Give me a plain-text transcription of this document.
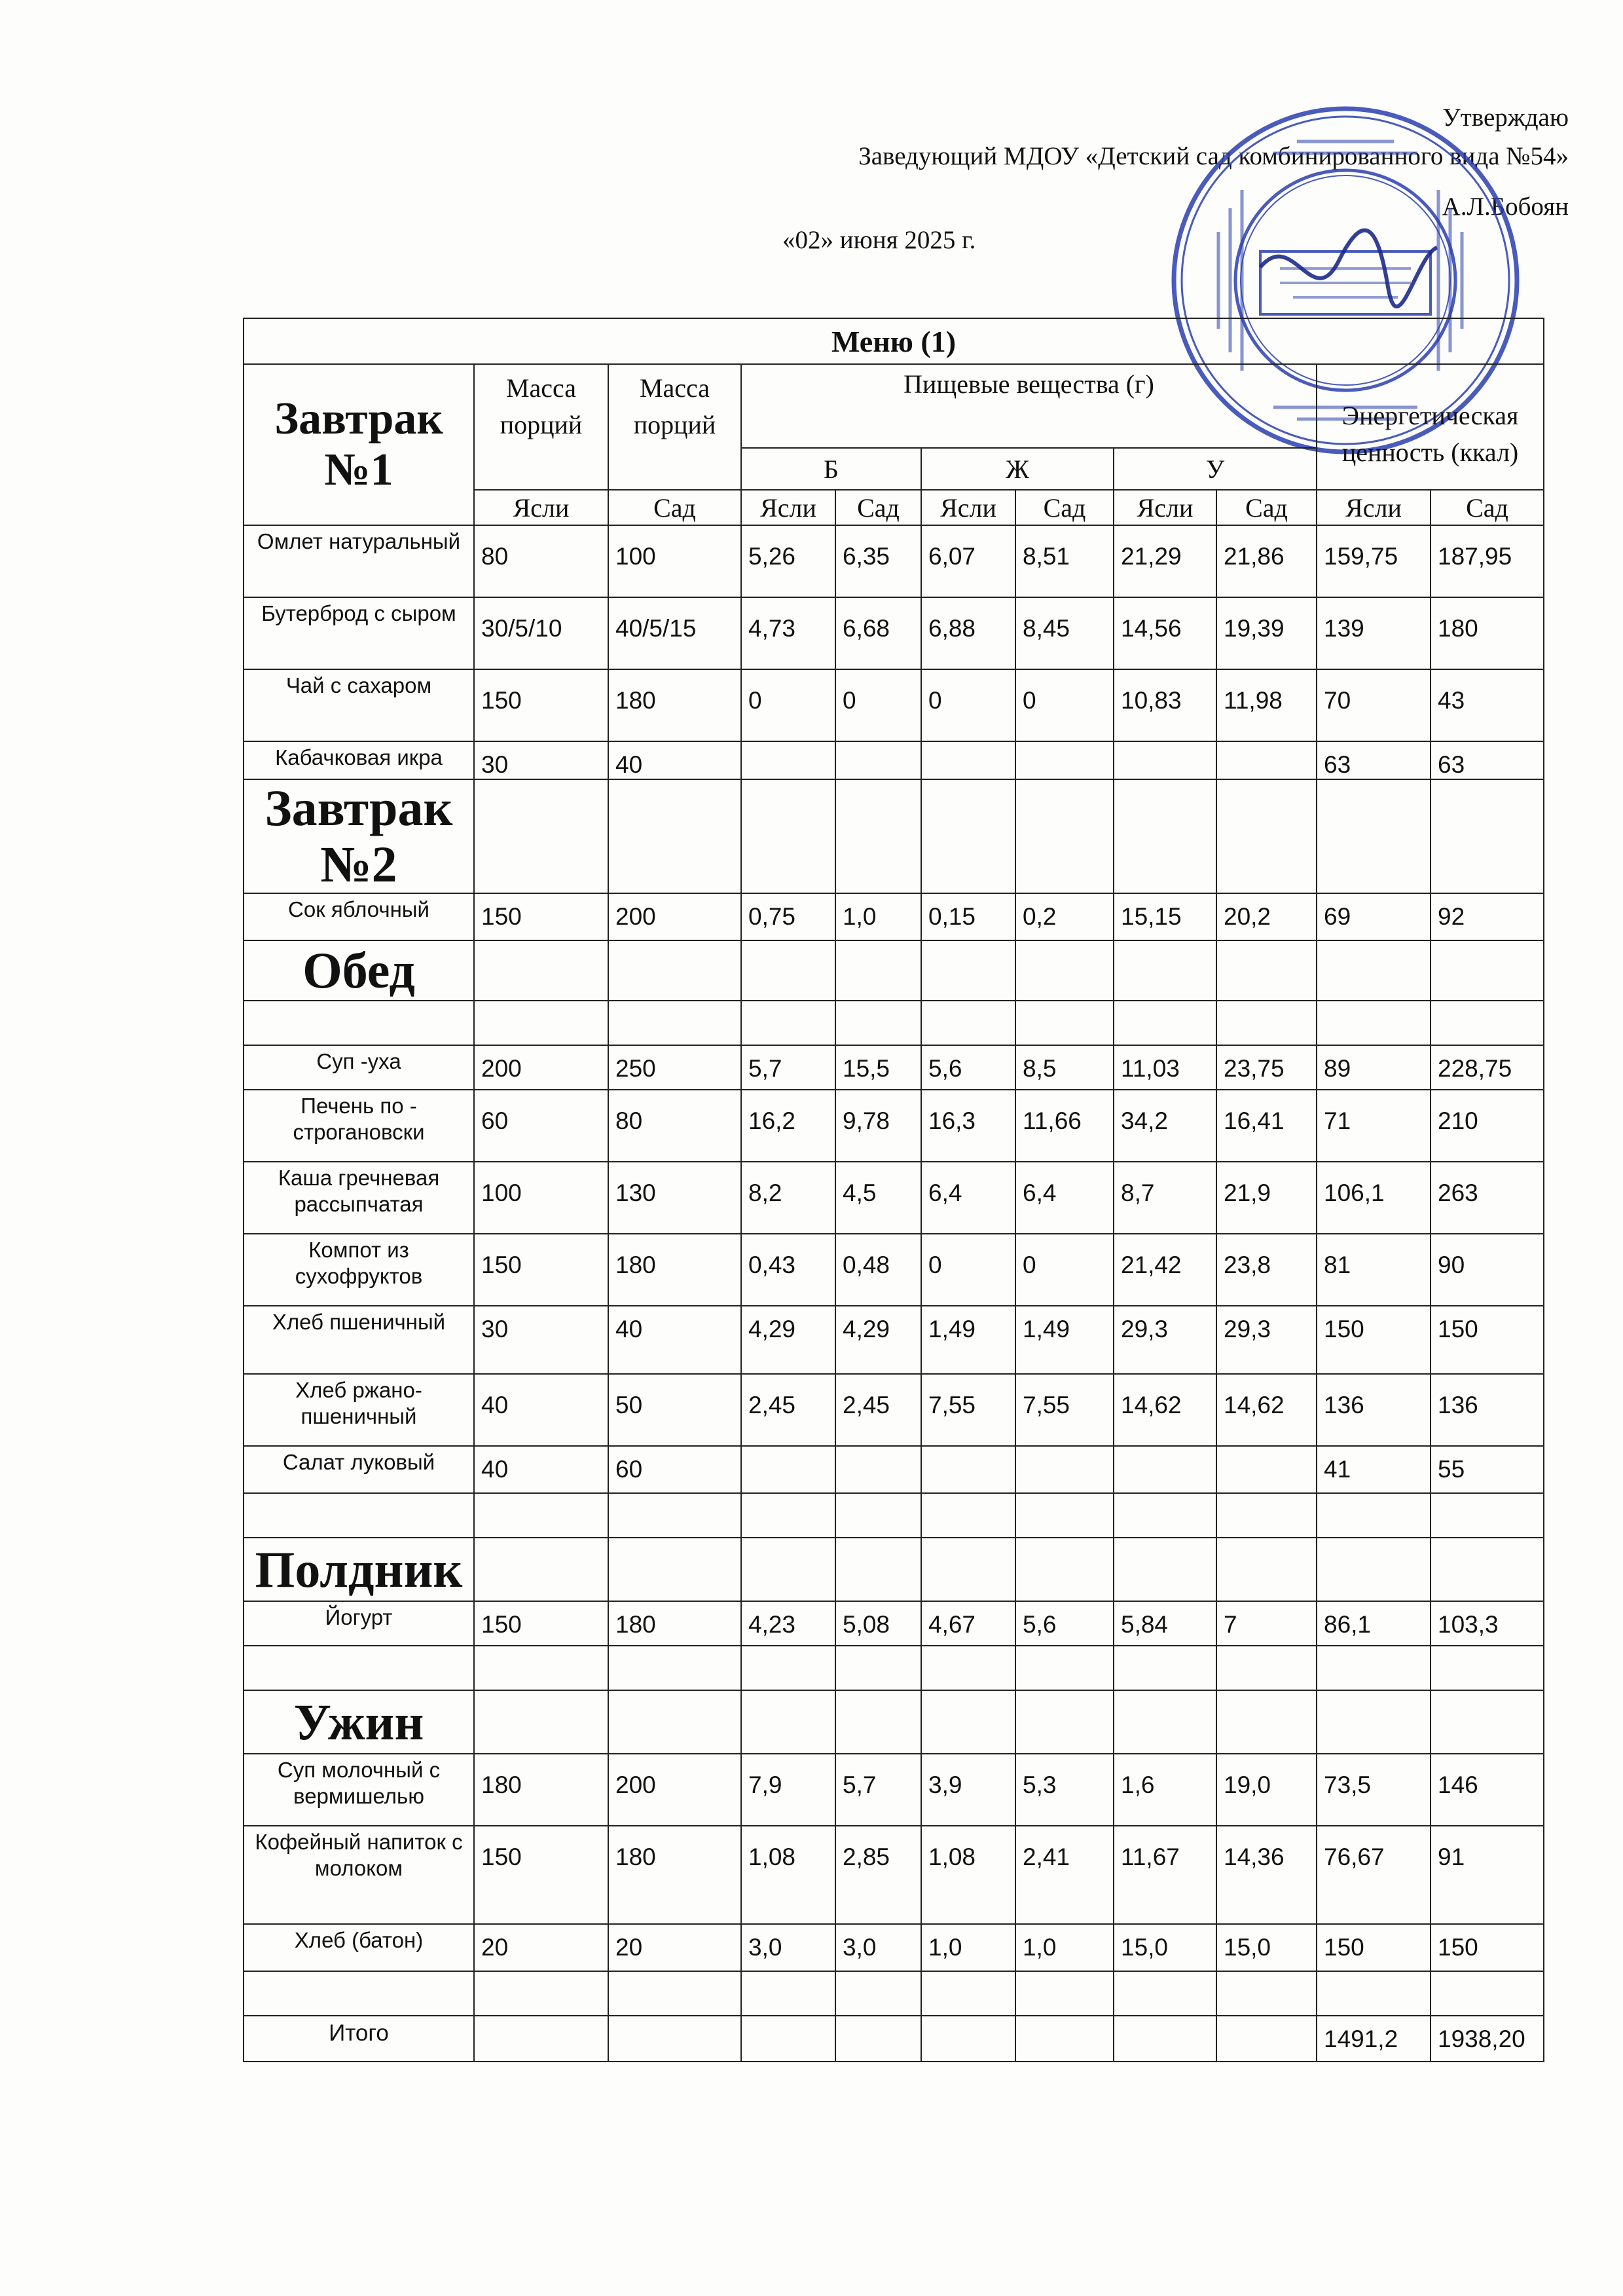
Утверждаю
Заведующий МДОУ «Детский сад комбинированного вида №54»
А.Л.Бобоян
«02» июня 2025 г.
Меню (1)										
Завтрак №1	Масса порций	Масса порций	Пищевые вещества (г)						Энергетическая ценность (ккал)	
			Б		Ж		У			
	Ясли	Сад	Ясли	Сад	Ясли	Сад	Ясли	Сад	Ясли	Сад
Омлет натуральный	80	100	5,26	6,35	6,07	8,51	21,29	21,86	159,75	187,95
Бутерброд с сыром	30/5/10	40/5/15	4,73	6,68	6,88	8,45	14,56	19,39	139	180
Чай с сахаром	150	180	0	0	0	0	10,83	11,98	70	43
Кабачковая икра	30	40							63	63
Завтрак №2										
Сок яблочный	150	200	0,75	1,0	0,15	0,2	15,15	20,2	69	92
Обед										

Суп -уха	200	250	5,7	15,5	5,6	8,5	11,03	23,75	89	228,75
Печень по - строгановски	60	80	16,2	9,78	16,3	11,66	34,2	16,41	71	210
Каша гречневая рассыпчатая	100	130	8,2	4,5	6,4	6,4	8,7	21,9	106,1	263
Компот из сухофруктов	150	180	0,43	0,48	0	0	21,42	23,8	81	90
Хлеб пшеничный	30	40	4,29	4,29	1,49	1,49	29,3	29,3	150	150
Хлеб ржано-пшеничный	40	50	2,45	2,45	7,55	7,55	14,62	14,62	136	136
Салат луковый	40	60							41	55

Полдник										
Йогурт	150	180	4,23	5,08	4,67	5,6	5,84	7	86,1	103,3

Ужин										
Суп молочный с вермишелью	180	200	7,9	5,7	3,9	5,3	1,6	19,0	73,5	146
Кофейный напиток с молоком	150	180	1,08	2,85	1,08	2,41	11,67	14,36	76,67	91
Хлеб (батон)	20	20	3,0	3,0	1,0	1,0	15,0	15,0	150	150

Итого									1491,2	1938,20
